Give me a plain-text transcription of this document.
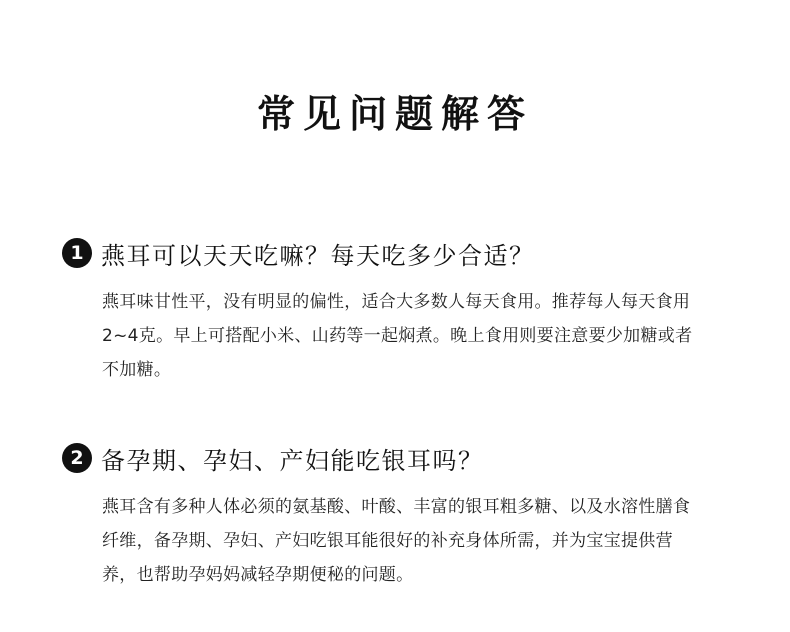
常见问题解答
1 燕耳可以天天吃嘛？每天吃多少合适？
燕耳味甘性平，没有明显的偏性，适合大多数人每天食用。推荐每人每天食用2~4克。早上可搭配小米、山药等一起焖煮。晚上食用则要注意要少加糖或者不加糖。
2 备孕期、孕妇、产妇能吃银耳吗？
燕耳含有多种人体必须的氨基酸、叶酸、丰富的银耳粗多糖、以及水溶性膳食纤维，备孕期、孕妇、产妇吃银耳能很好的补充身体所需，并为宝宝提供营养，也帮助孕妈妈减轻孕期便秘的问题。
